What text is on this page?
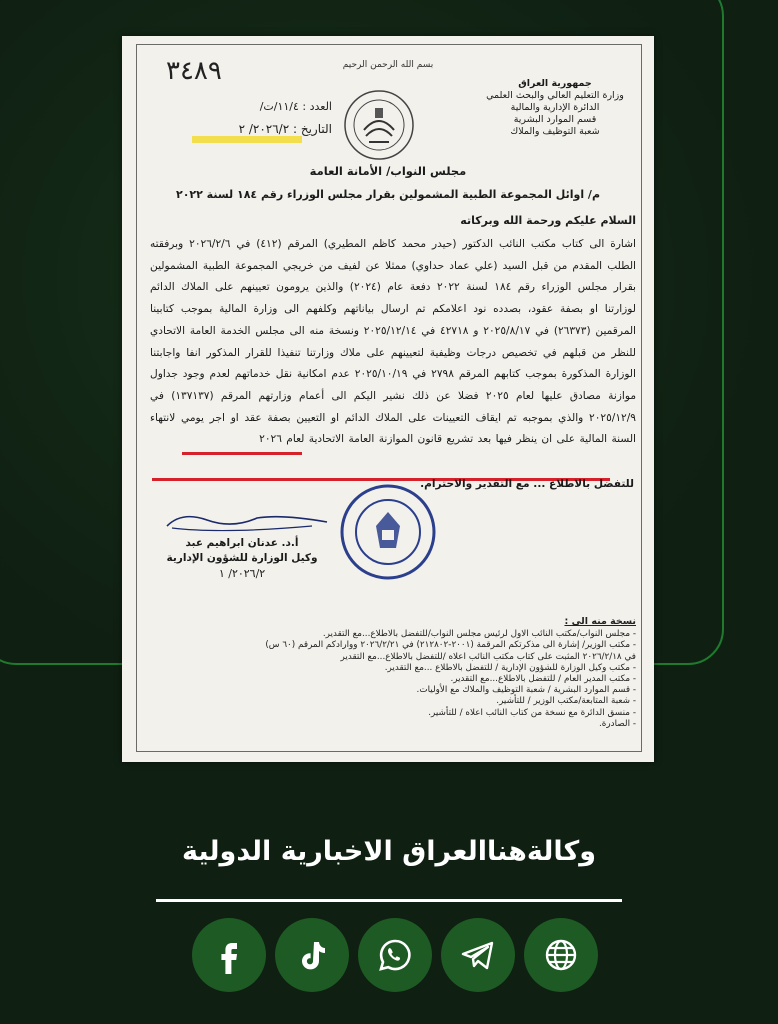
بسم الله الرحمن الرحيم
جمهورية العراق
وزارة التعليم العالي والبحث العلمي
الدائرة الإدارية والمالية
قسم الموارد البشرية
شعبة التوظيف والملاك
٣٤٨٩
العدد : ١١/٤/ت/
التاريخ : ٢٠٢٦/٢/ ٢
مجلس النواب/ الأمانة العامة
م/ اوائل المجموعة الطبية المشمولين بقرار مجلس الوزراء رقم ١٨٤ لسنة ٢٠٢٢
السلام عليكم ورحمة الله وبركاته
اشارة الى كتاب مكتب النائب الدكتور (حيدر محمد كاظم المطيري) المرقم (٤١٢) في ٢٠٢٦/٢/٦ وبرفقته الطلب المقدم من قبل السيد (علي عماد حداوي) ممثلا عن لفيف من خريجي المجموعة الطبية المشمولين بقرار مجلس الوزراء رقم ١٨٤ لسنة ٢٠٢٢ دفعة عام (٢٠٢٤) والذين يرومون تعيينهم على الملاك الدائم لوزارتنا او بصفة عقود، بصدده نود اعلامكم تم ارسال بياناتهم وكلفهم الى وزارة المالية بموجب كتابينا المرقمين (٢٦٣٧٣) في ٢٠٢٥/٨/١٧ و ٤٢٧١٨ في ٢٠٢٥/١٢/١٤ ونسخة منه الى مجلس الخدمة العامة الاتحادي للنظر من قبلهم في تخصيص درجات وظيفية لتعيينهم على ملاك وزارتنا تنفيذا للقرار المذكور انفا واجابتنا الوزارة المذكورة بموجب كتابهم المرقم ٢٧٩٨ في ٢٠٢٥/١٠/١٩ عدم امكانية نقل خدماتهم لعدم وجود جداول موازنة مصادق عليها لعام ٢٠٢٥ فضلا عن ذلك نشير اليكم الى أعمام وزارتهم المرقم (١٣٧١٣٧) في ٢٠٢٥/١٢/٩ والذي بموجبه تم ايقاف التعيينات على الملاك الدائم او التعيين بصفة عقد او اجر يومي لانتهاء السنة المالية على ان ينظر فيها بعد تشريع قانون الموازنة العامة الاتحادية لعام ٢٠٢٦
للتفضل بالاطلاع ... مع التقدير والاحترام.
أ.د. عدنان ابراهيم عبد
وكيل الوزارة للشؤون الإدارية
٢٠٢٦/٢/ ١
نسخة منه الى :
- مجلس النواب/مكتب النائب الاول لرئيس مجلس النواب/للتفضل بالاطلاع...مع التقدير.
- مكتب الوزير/ إشارة الى مذكرتكم المرقمة (٢٠٠١-٢١٢٨٠٢) في ٢٠٢٦/٢/٢١ ووارادكم المرقم (٦٠ س) في ٢٠٢٦/٢/١٨ المثبت على كتاب مكتب النائب اعلاه /للتفضل بالاطلاع...مع التقدير
- مكتب وكيل الوزارة للشؤون الإدارية / للتفضل بالاطلاع ...مع التقدير.
- مكتب المدير العام / للتفضل بالاطلاع...مع التقدير.
- قسم الموارد البشرية / شعبة التوظيف والملاك مع الأوليات.
- شعبة المتابعة/مكتب الوزير / للتأشير.
- منسق الدائرة مع نسخة من كتاب النائب اعلاه / للتأشير.
- الصادرة.
وكالةهناالعراق الاخبارية الدولية
